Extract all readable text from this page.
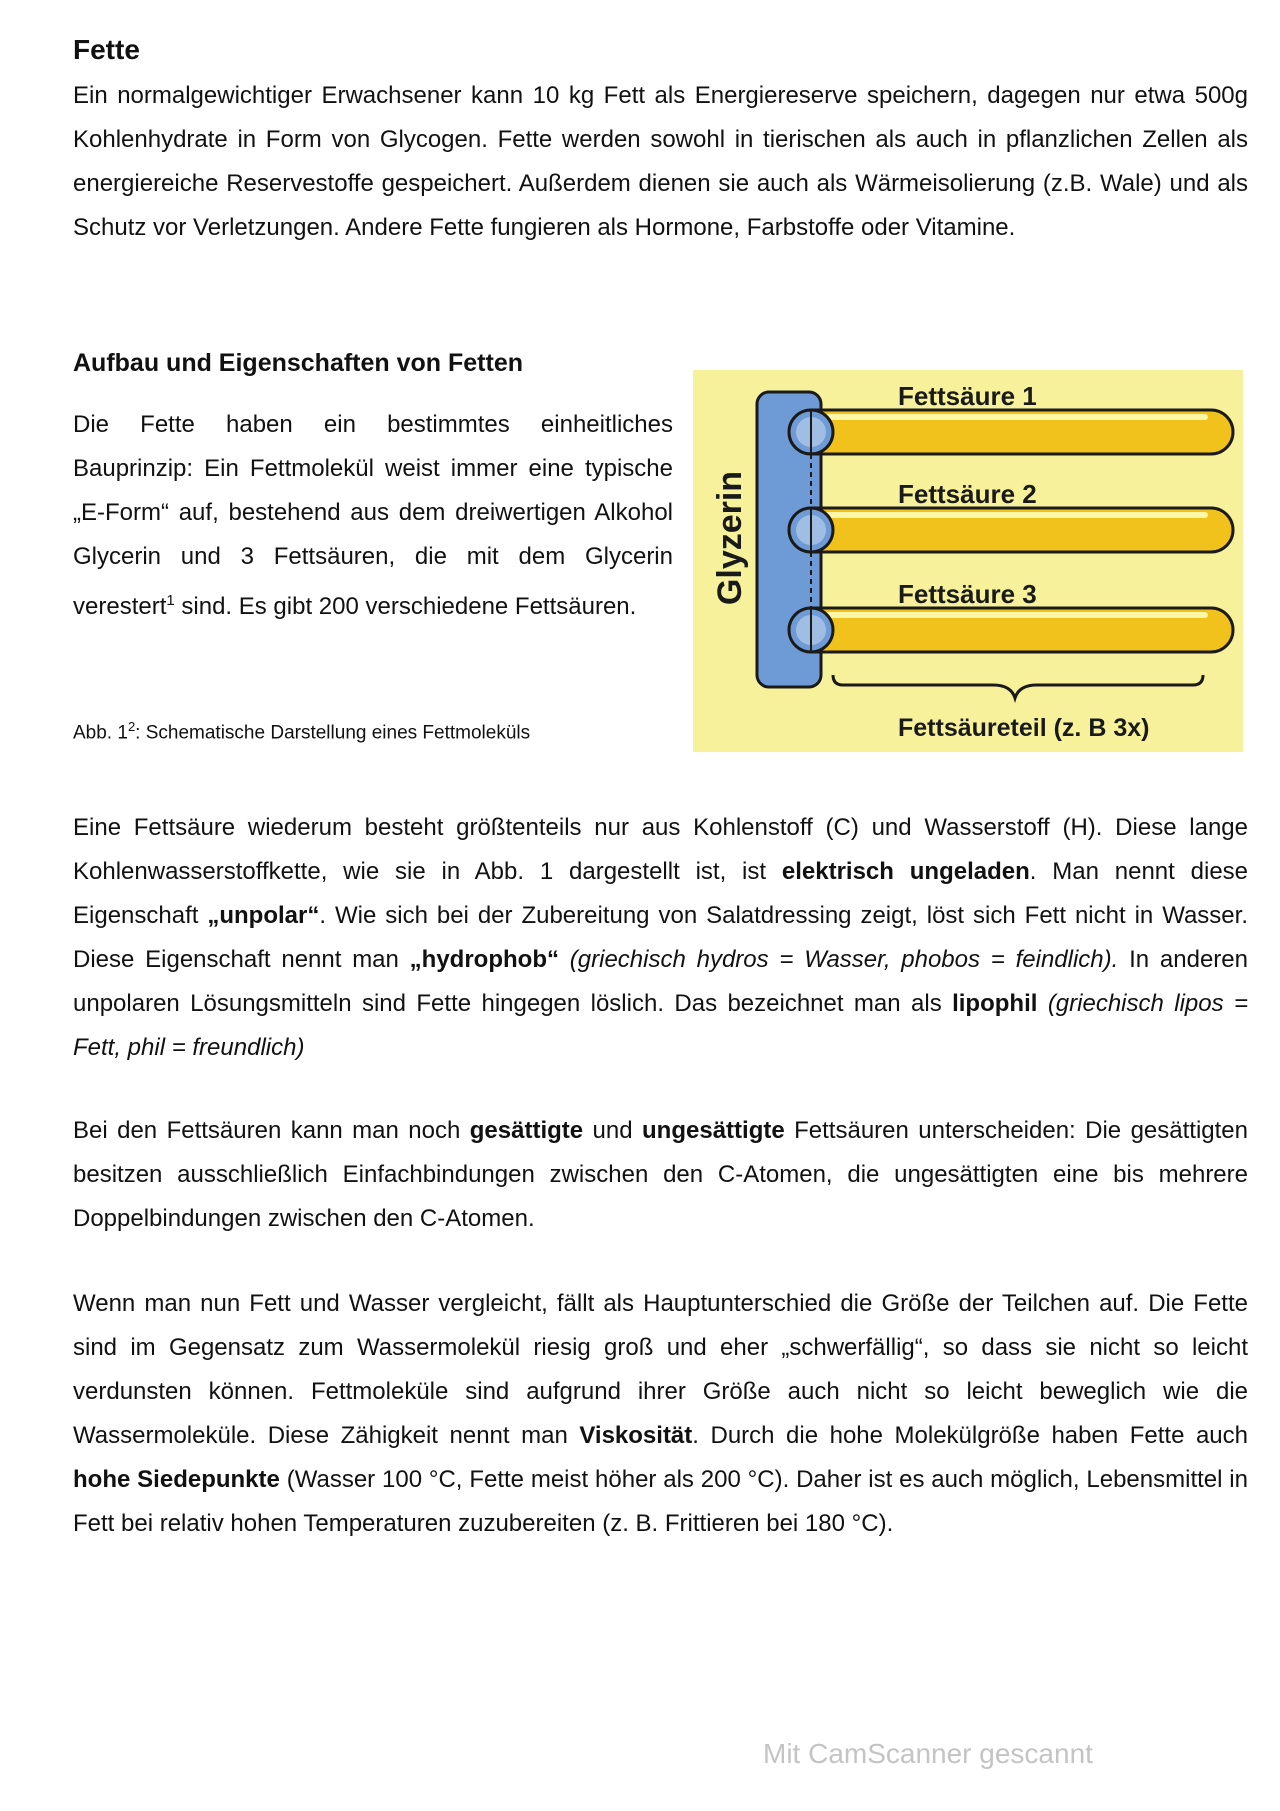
Fette

Ein normalgewichtiger Erwachsener kann 10 kg Fett als Energiereserve speichern, dagegen nur etwa 500g Kohlenhydrate in Form von Glycogen. Fette werden sowohl in tierischen als auch in pflanzlichen Zellen als energiereiche Reservestoffe gespeichert. Außerdem dienen sie auch als Wärmeisolierung (z.B. Wale) und als Schutz vor Verletzungen. Andere Fette fungieren als Hormone, Farbstoffe oder Vitamine.

Aufbau und Eigenschaften von Fetten

Die Fette haben ein bestimmtes einheitliches Bauprinzip: Ein Fettmolekül weist immer eine typische „E-Form“ auf, bestehend aus dem dreiwertigen Alkohol Glycerin und 3 Fettsäuren, die mit dem Glycerin verestert$^1$ sind. Es gibt 200 verschiedene Fettsäuren.

Abb. $1^2$: Schematische Darstellung eines Fettmoleküls

Glyzerin
Fettsäure 1
Fettsäure 2
Fettsäure 3
Fettsäureteil (z. B 3x)

Eine Fettsäure wiederum besteht größtenteils nur aus Kohlenstoff (C) und Wasserstoff (H). Diese lange Kohlenwasserstoffkette, wie sie in Abb. 1 dargestellt ist, ist elektrisch ungeladen. Man nennt diese Eigenschaft „unpolar“. Wie sich bei der Zubereitung von Salatdressing zeigt, löst sich Fett nicht in Wasser. Diese Eigenschaft nennt man „hydrophob“ (griechisch hydros = Wasser, phobos = feindlich). In anderen unpolaren Lösungsmitteln sind Fette hingegen löslich. Das bezeichnet man als lipophil (griechisch lipos = Fett, phil = freundlich)

Bei den Fettsäuren kann man noch gesättigte und ungesättigte Fettsäuren unterscheiden: Die gesättigten besitzen ausschließlich Einfachbindungen zwischen den C-Atomen, die ungesättigten eine bis mehrere Doppelbindungen zwischen den C-Atomen.

Wenn man nun Fett und Wasser vergleicht, fällt als Hauptunterschied die Größe der Teilchen auf. Die Fette sind im Gegensatz zum Wassermolekül riesig groß und eher „schwerfällig“, so dass sie nicht so leicht verdunsten können. Fettmoleküle sind aufgrund ihrer Größe auch nicht so leicht beweglich wie die Wassermoleküle. Diese Zähigkeit nennt man Viskosität. Durch die hohe Molekülgröße haben Fette auch hohe Siedepunkte (Wasser 100 °C, Fette meist höher als 200 °C). Daher ist es auch möglich, Lebensmittel in Fett bei relativ hohen Temperaturen zuzubereiten (z. B. Frittieren bei 180 °C).

Mit CamScanner gescannt
